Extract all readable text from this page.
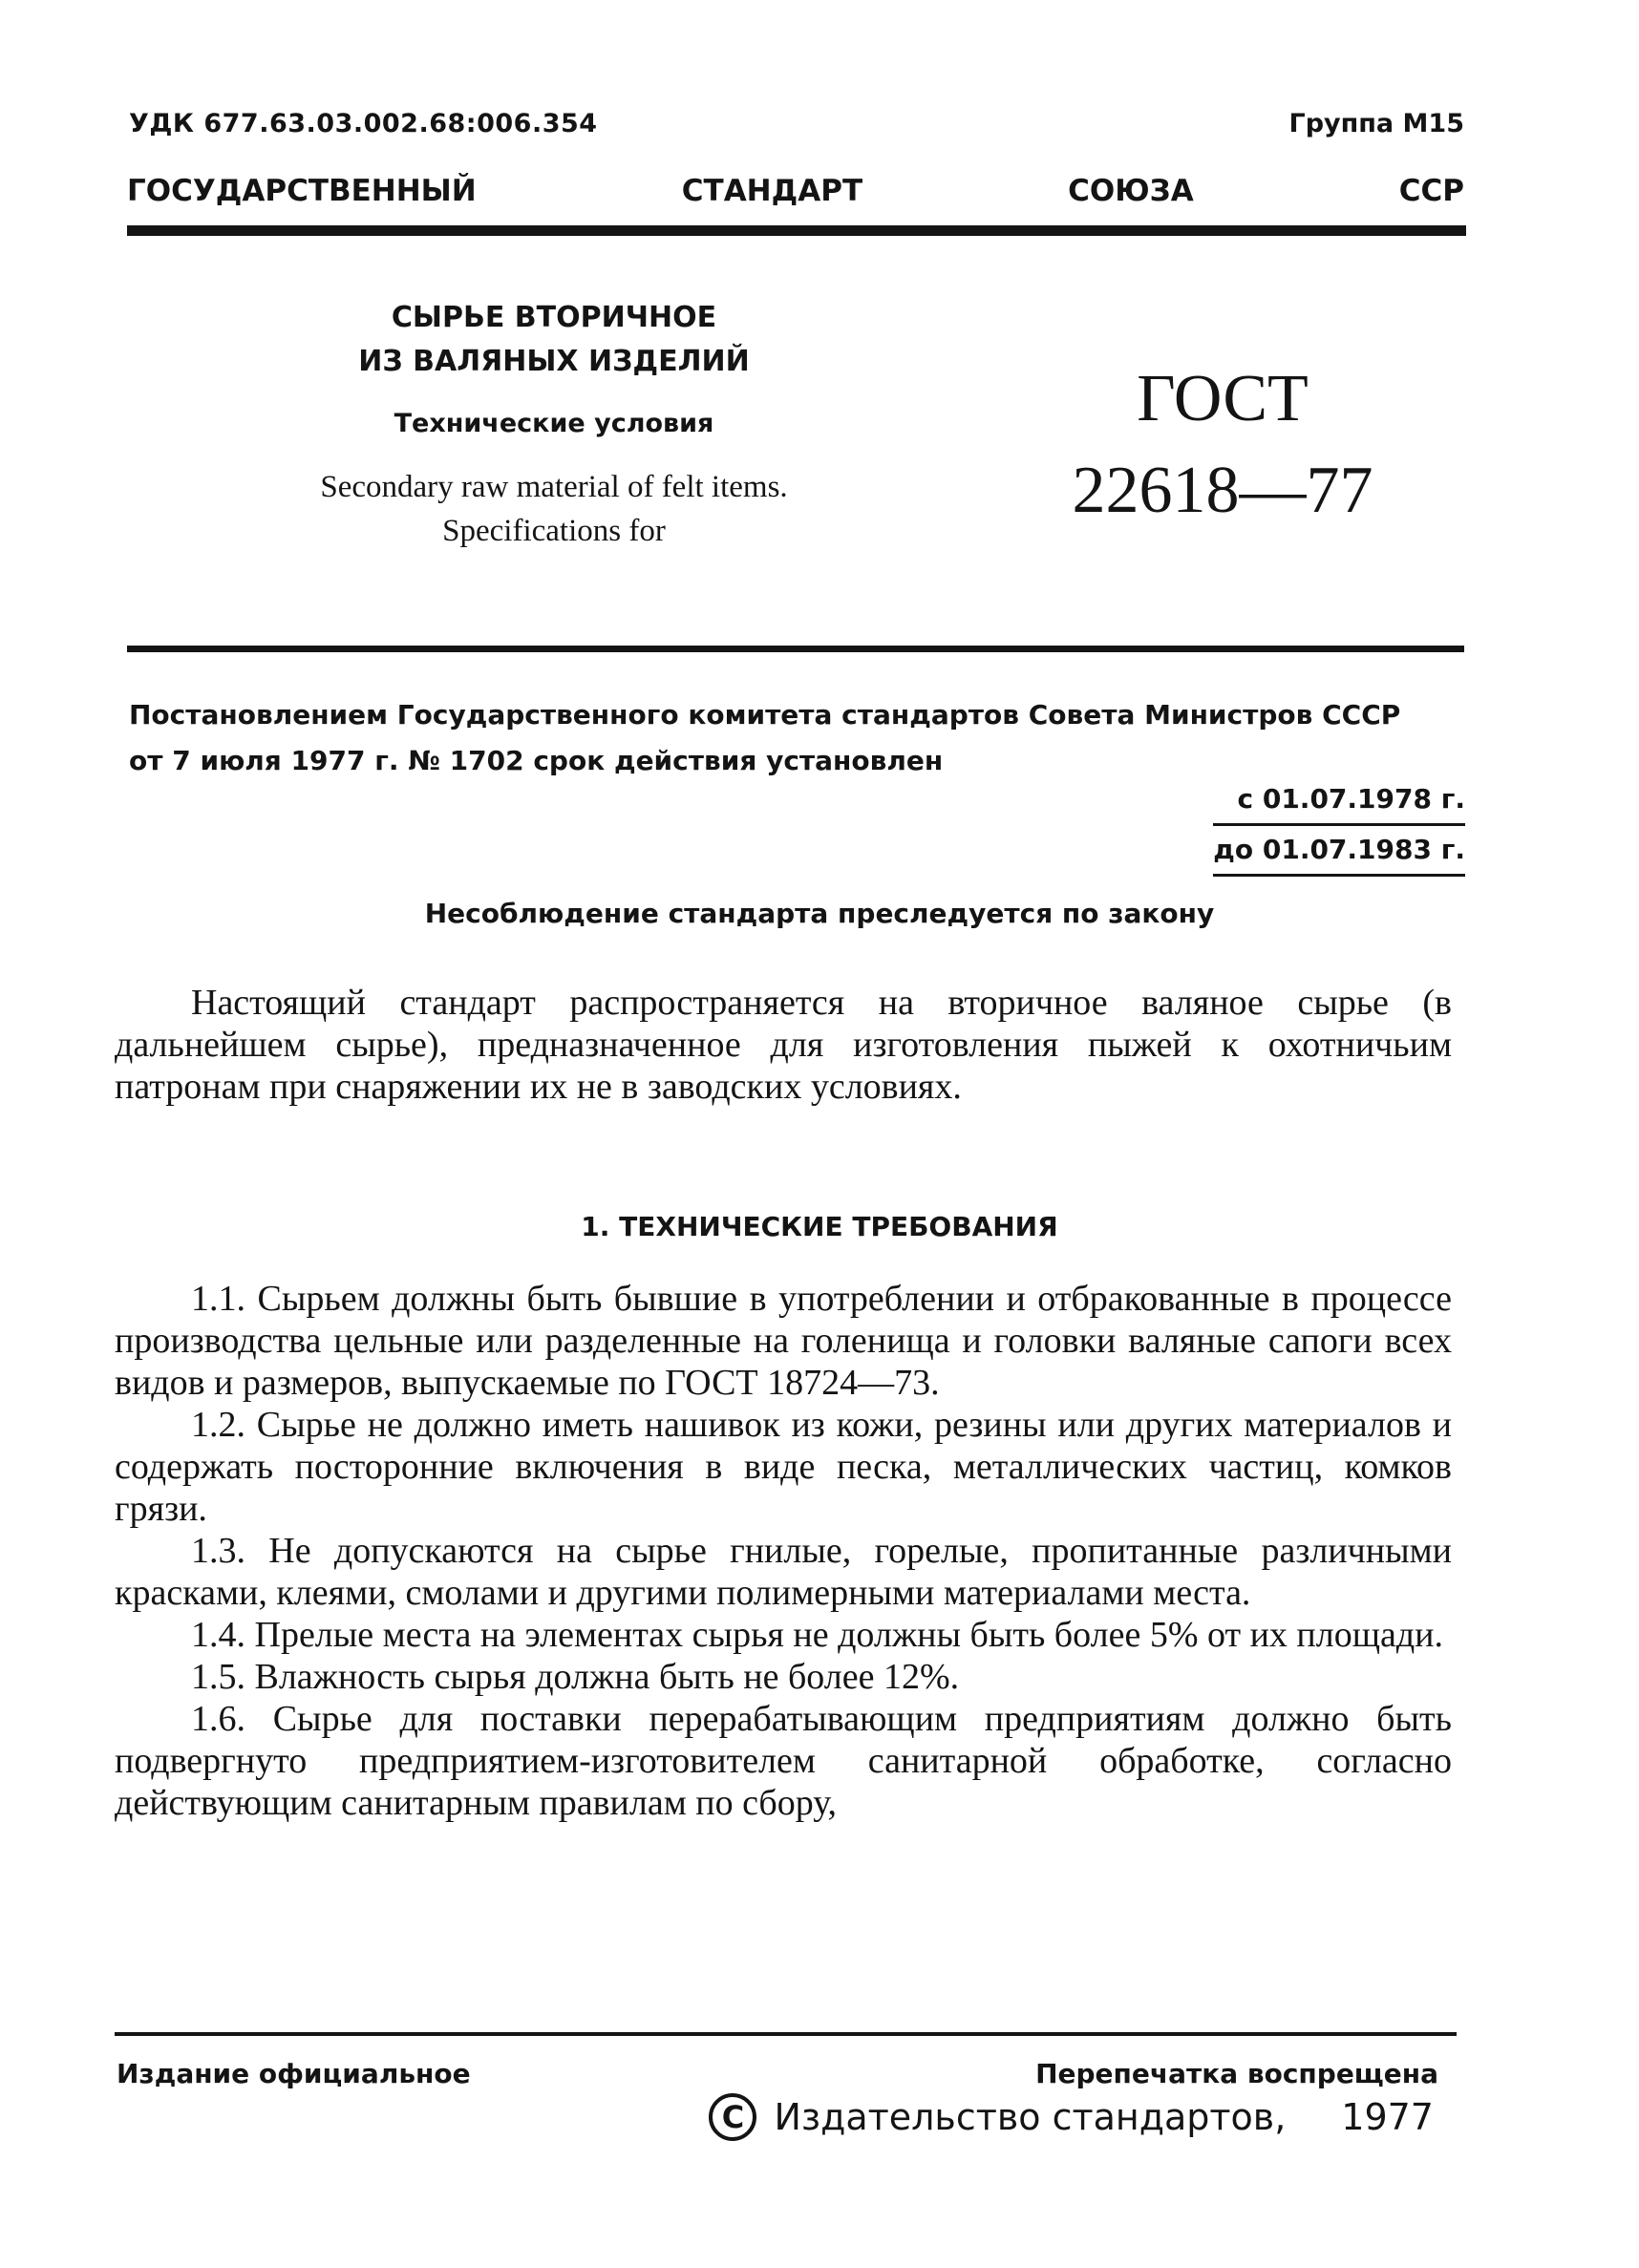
УДК 677.63.03.002.68:006.354	Группа М15
ГОСУДАРСТВЕННЫЙ	СТАНДАРТ	СОЮЗА	ССР
СЫРЬЕ ВТОРИЧНОЕ
ИЗ ВАЛЯНЫХ ИЗДЕЛИЙ
Технические условия
Secondary raw material of felt items.
Specifications for
ГОСТ
22618—77
Постановлением Государственного комитета стандартов Совета Министров СССР
от 7 июля 1977 г. № 1702 срок действия установлен
с 01.07.1978 г.
до 01.07.1983 г.
Несоблюдение стандарта преследуется по закону

Настоящий стандарт распространяется на вторичное валяное сырье (в дальнейшем сырье), предназначенное для изготовления пыжей к охотничьим патронам при снаряжении их не в заводских условиях.

1. ТЕХНИЧЕСКИЕ ТРЕБОВАНИЯ

1.1. Сырьем должны быть бывшие в употреблении и отбракованные в процессе производства цельные или разделенные на голенища и головки валяные сапоги всех видов и размеров, выпускаемые по ГОСТ 18724—73.

1.2. Сырье не должно иметь нашивок из кожи, резины или других материалов и содержать посторонние включения в виде песка, металлических частиц, комков грязи.

1.3. Не допускаются на сырье гнилые, горелые, пропитанные различными красками, клеями, смолами и другими полимерными материалами места.

1.4. Прелые места на элементах сырья не должны быть более 5% от их площади.

1.5. Влажность сырья должна быть не более 12%.

1.6. Сырье для поставки перерабатывающим предприятиям должно быть подвергнуто предприятием-изготовителем санитарной обработке, согласно действующим санитарным правилам по сбору,

Издание официальное	Перепечатка воспрещена
C Издательство стандартов, 1977
